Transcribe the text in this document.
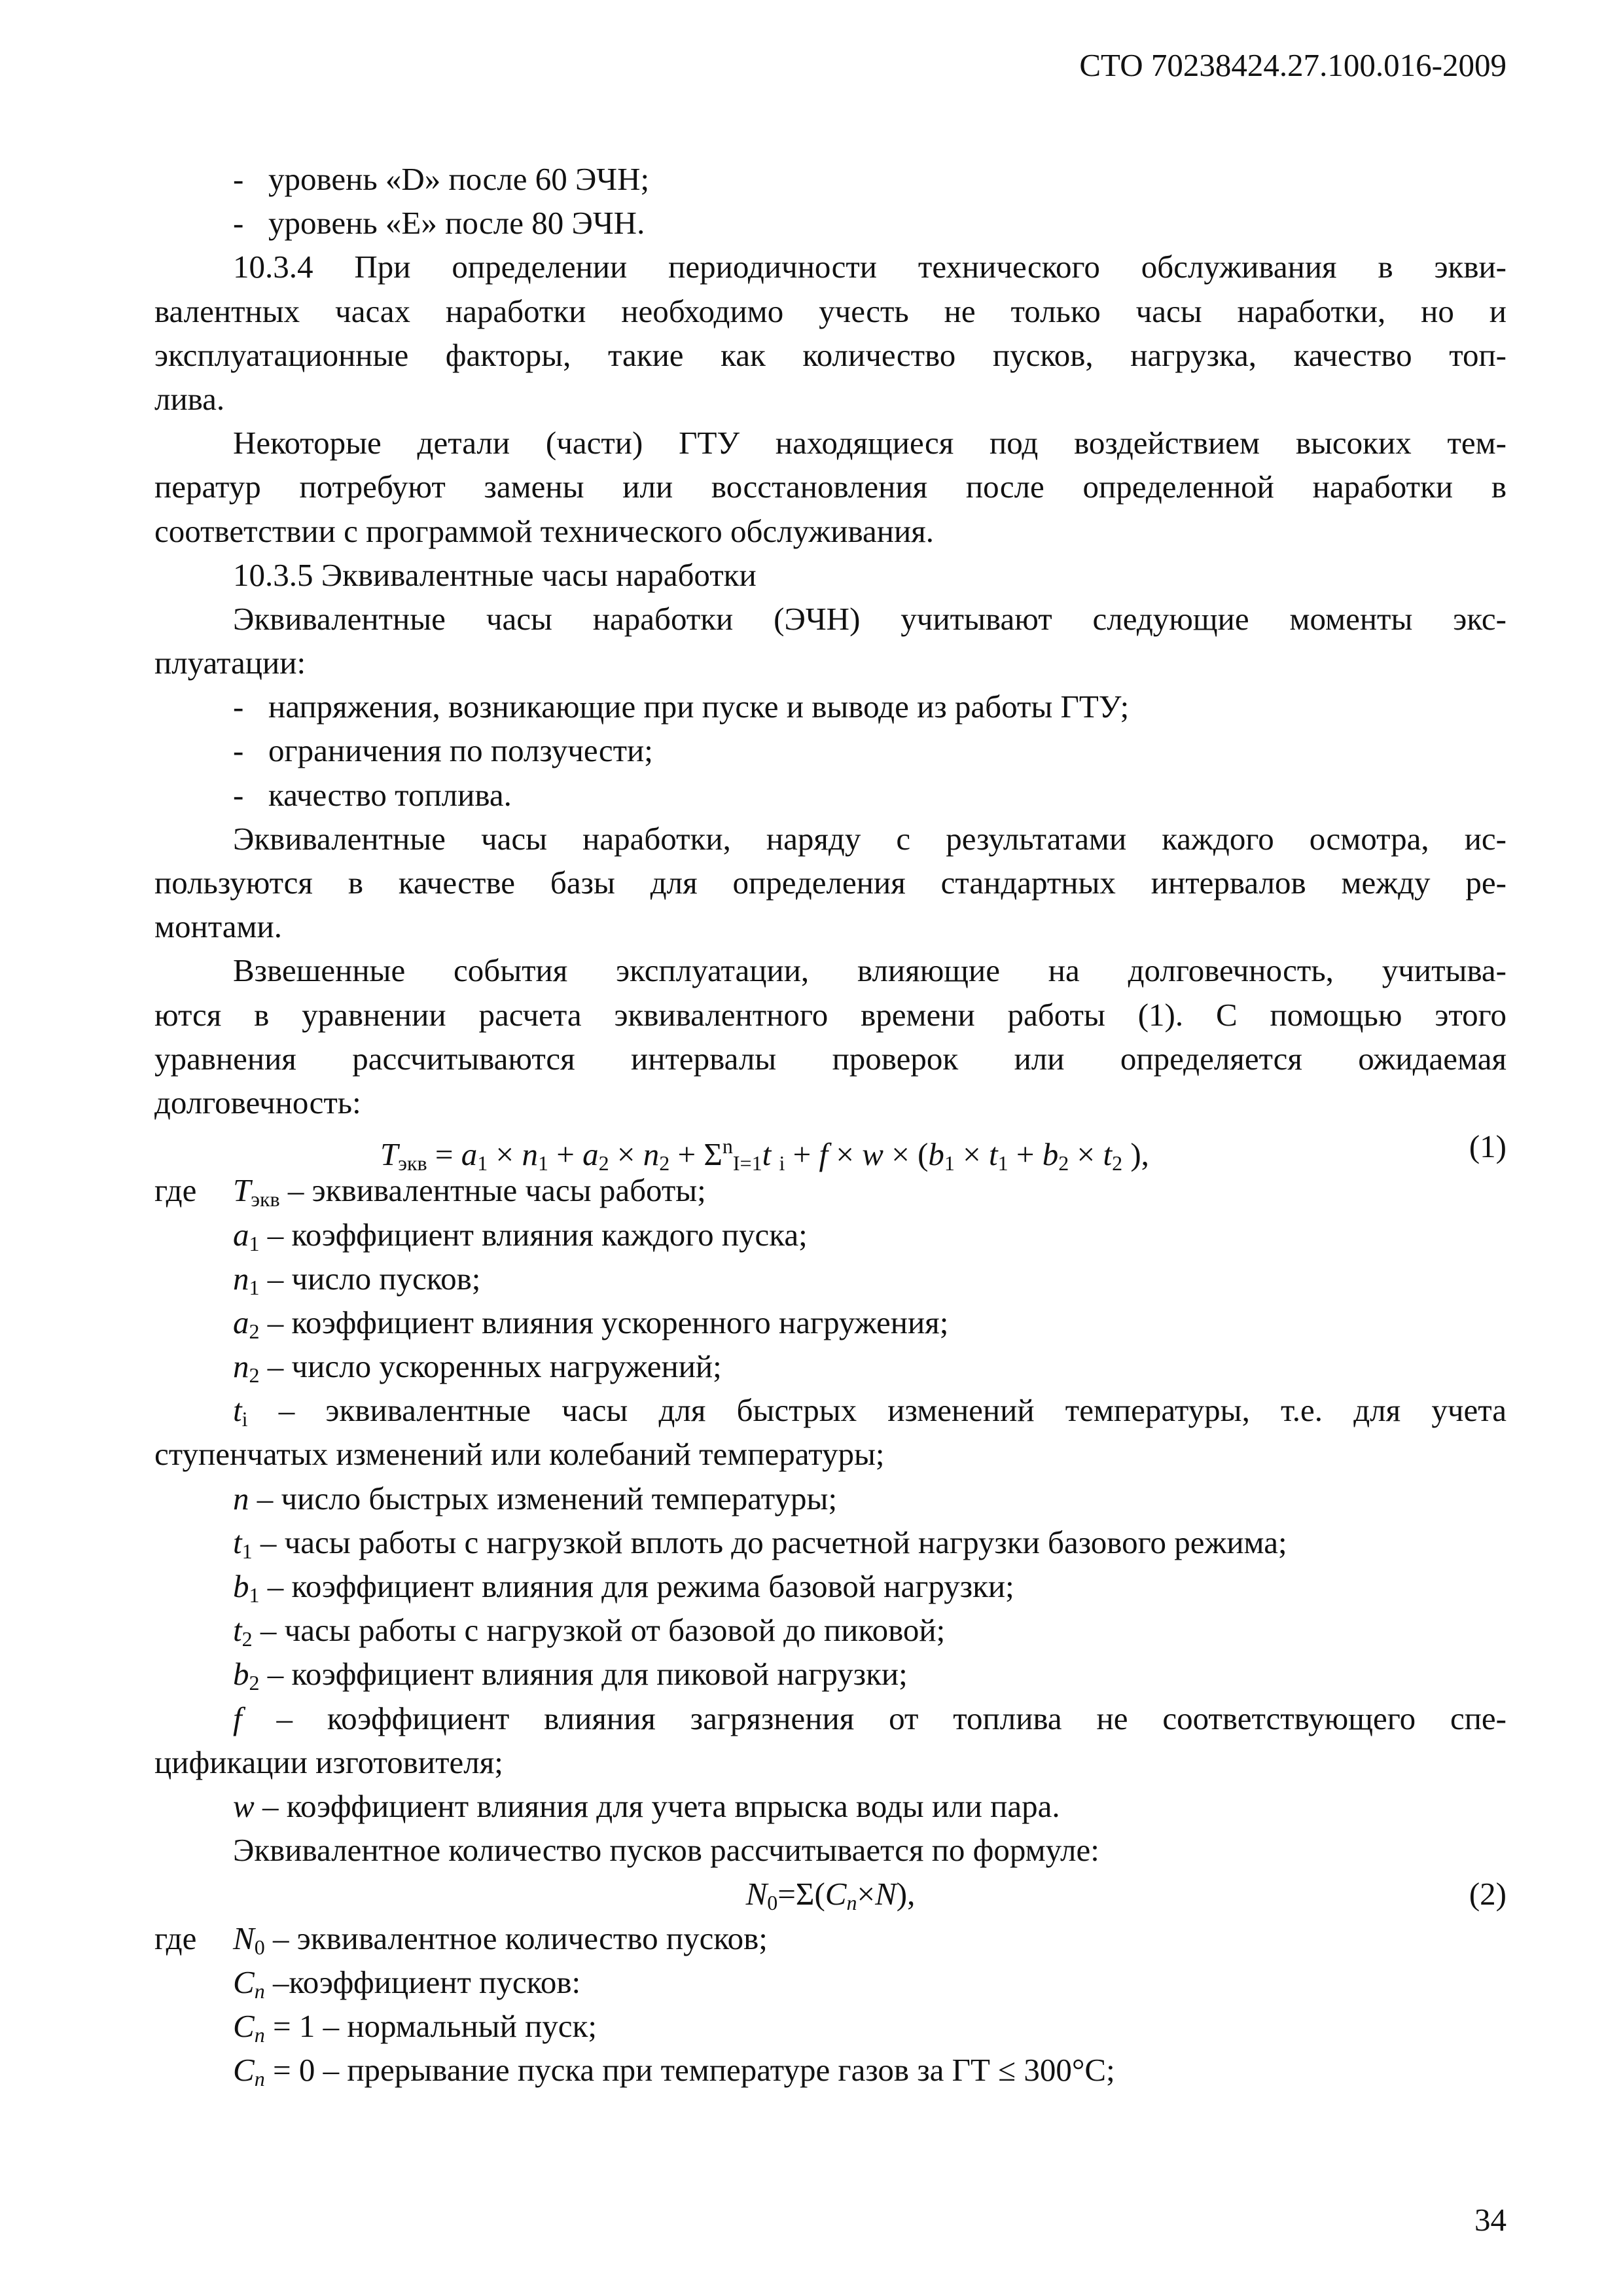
СТО 70238424.27.100.016-2009
- уровень «D» после 60 ЭЧН;
- уровень «Е» после 80 ЭЧН.
10.3.4 При определении периодичности технического обслуживания в экви-
валентных часах наработки необходимо учесть не только часы наработки, но и
эксплуатационные факторы, такие как количество пусков, нагрузка, качество топ-
лива.
Некоторые детали (части) ГТУ находящиеся под воздействием высоких тем-
ператур потребуют замены или восстановления после определенной наработки в
соответствии с программой технического обслуживания.
10.3.5 Эквивалентные часы наработки
Эквивалентные часы наработки (ЭЧН) учитывают следующие моменты экс-
плуатации:
- напряжения, возникающие при пуске и выводе из работы ГТУ;
- ограничения по ползучести;
- качество топлива.
Эквивалентные часы наработки, наряду с результатами каждого осмотра, ис-
пользуются в качестве базы для определения стандартных интервалов между ре-
монтами.
Взвешенные события эксплуатации, влияющие на долговечность, учитыва-
ются в уравнении расчета эквивалентного времени работы (1). С помощью этого
уравнения рассчитываются интервалы проверок или определяется ожидаемая
долговечность:
$T_{экв} = a_1 \times n_1 + a_2 \times n_2 + \Sigma^n_{I=1}t$ $_i + f \times w \times (b_1 \times t_1 + b_2 \times t_2$ ),	(1)
где $T_{экв}$ – эквивалентные часы работы;
$a_1$ – коэффициент влияния каждого пуска;
$n_1$ – число пусков;
$a_2$ – коэффициент влияния ускоренного нагружения;
$n_2$ – число ускоренных нагружений;
$t_i$ – эквивалентные часы для быстрых изменений температуры, т.е. для учета
ступенчатых изменений или колебаний температуры;
n – число быстрых изменений температуры;
$t_1$ – часы работы с нагрузкой вплоть до расчетной нагрузки базового режима;
$b_1$ – коэффициент влияния для режима базовой нагрузки;
$t_2$ – часы работы с нагрузкой от базовой до пиковой;
$b_2$ – коэффициент влияния для пиковой нагрузки;
f – коэффициент влияния загрязнения от топлива не соответствующего спе-
цификации изготовителя;
w – коэффициент влияния для учета впрыска воды или пара.
Эквивалентное количество пусков рассчитывается по формуле:
$N_0=\Sigma(C_n\times N)$,	(2)
где $N_0$ – эквивалентное количество пусков;
$C_n$ –коэффициент пусков:
$C_n = 1$ – нормальный пуск;
$C_n = 0$ – прерывание пуска при температуре газов за ГТ ≤ 300°С;
34
